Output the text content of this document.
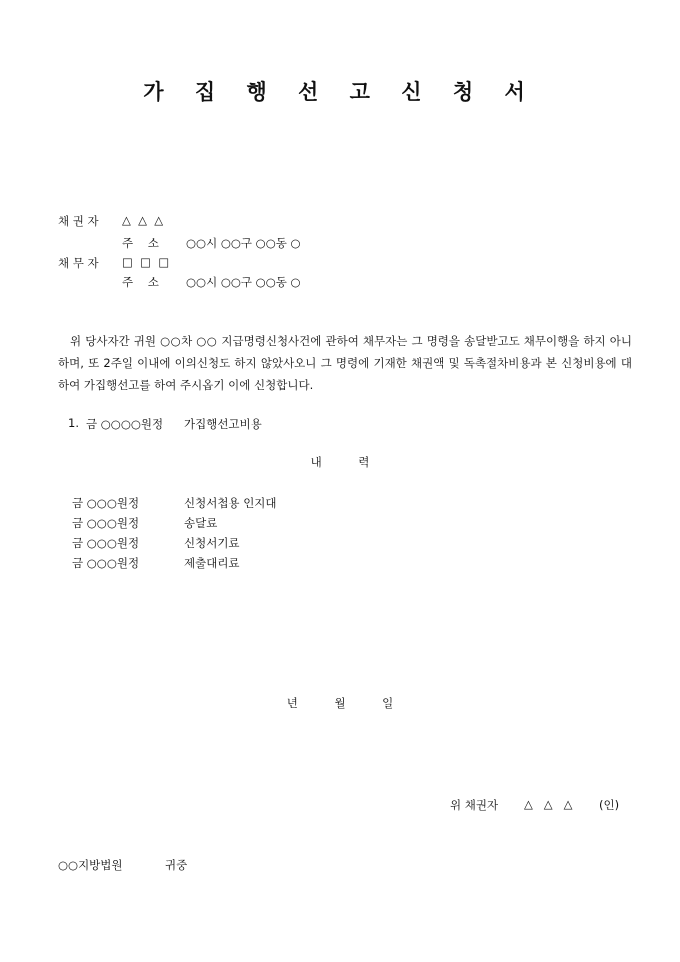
가 집 행 선 고 신 청 서
채 권 자 △  △  △
주    소 ○○시 ○○구 ○○동 ○
채 무 자 □  □  □
주    소 ○○시 ○○구 ○○동 ○
위 당사자간 귀원 ○○차 ○○ 지급명령신청사건에 관하여 채무자는 그 명령을 송달받고도 채무이행을 하지 아니하며, 또 2주일 이내에 이의신청도 하지 않았사오니 그 명령에 기재한 채권액 및 독촉절차비용과 본 신청비용에 대하여 가집행선고를 하여 주시옵기 이에 신청합니다.
1. 금 ○○○○원정 가집행선고비용
내          력
금 ○○○원정	신청서첩용 인지대
금 ○○○원정	송달료
금 ○○○원정	신청서기료
금 ○○○원정	제출대리료
년          월          일
위 채권자 △   △   △ (인)
○○지방법원	귀중
